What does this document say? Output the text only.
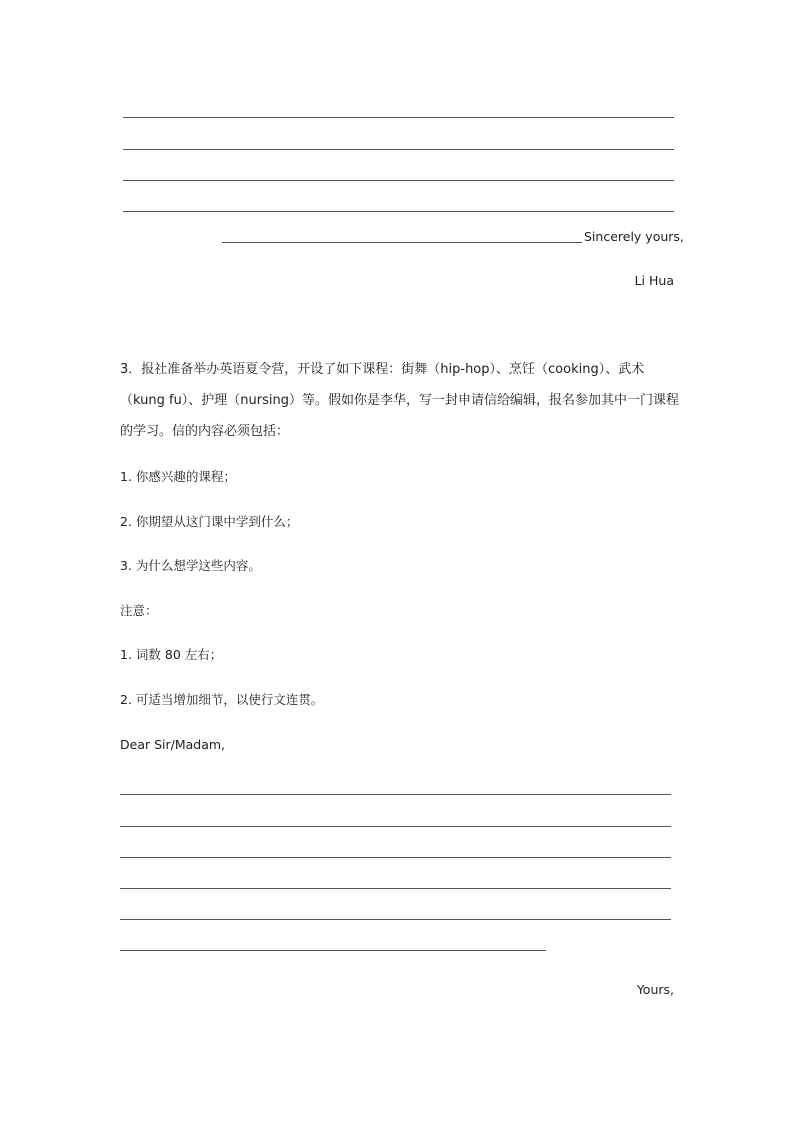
Sincerely yours,
Li Hua
3．报社准备举办英语夏令营，开设了如下课程：街舞（hip-hop）、烹饪（cooking）、武术（kung fu）、护理（nursing）等。假如你是李华，写一封申请信给编辑，报名参加其中一门课程的学习。信的内容必须包括：
1. 你感兴趣的课程；
2. 你期望从这门课中学到什么；
3. 为什么想学这些内容。
注意：
1. 词数 80 左右；
2. 可适当增加细节，以使行文连贯。
Dear Sir/Madam,
Yours,
